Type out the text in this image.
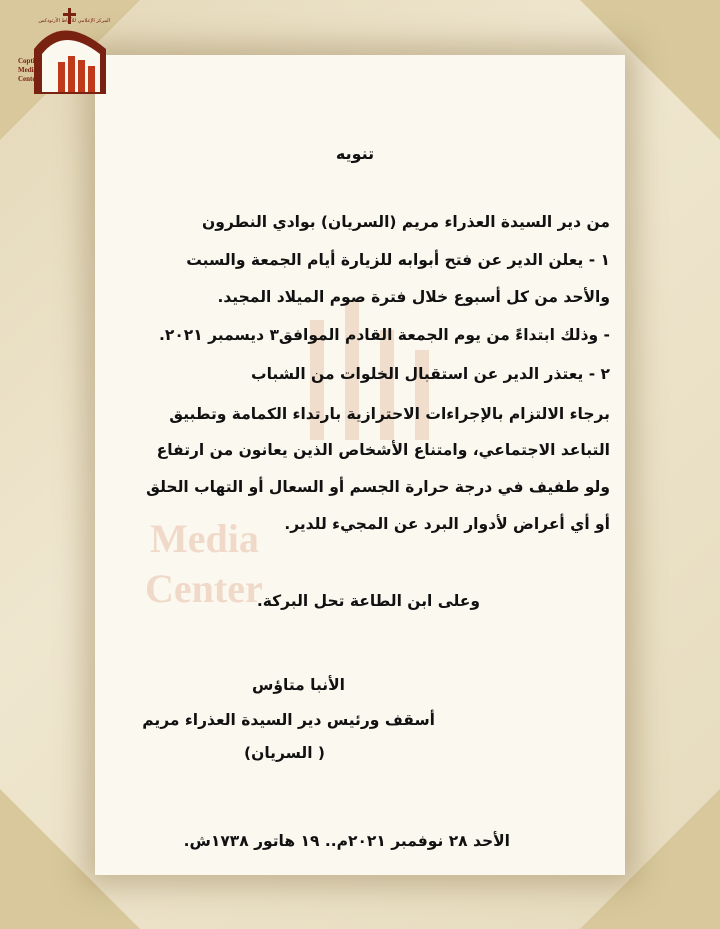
Media
Center
Coptic
Media
Center
المركز الإعلامي للأقباط الأرثوذكس
تنويه
من دير السيدة العذراء مريم (السريان) بوادي النطرون
١ - يعلن الدير عن فتح أبوابه للزيارة أيام الجمعة والسبت
والأحد من كل أسبوع خلال فترة صوم الميلاد المجيد.
- وذلك ابتداءً من يوم الجمعة القادم الموافق٣ ديسمبر ٢٠٢١.
٢ - يعتذر الدير عن استقبال الخلوات من الشباب
برجاء الالتزام بالإجراءات الاحترازية بارتداء الكمامة وتطبيق
التباعد الاجتماعي، وامتناع الأشخاص الذين يعانون من ارتفاع
ولو طفيف في درجة حرارة الجسم أو السعال أو التهاب الحلق
أو أي أعراض لأدوار البرد عن المجيء للدير.
وعلى ابن الطاعة تحل البركة.
الأنبا متاؤس
أسقف ورئيس دير السيدة العذراء مريم
( السريان)
الأحد ٢٨ نوفمبر ٢٠٢١م.. ١٩ هاتور ١٧٣٨ش.
